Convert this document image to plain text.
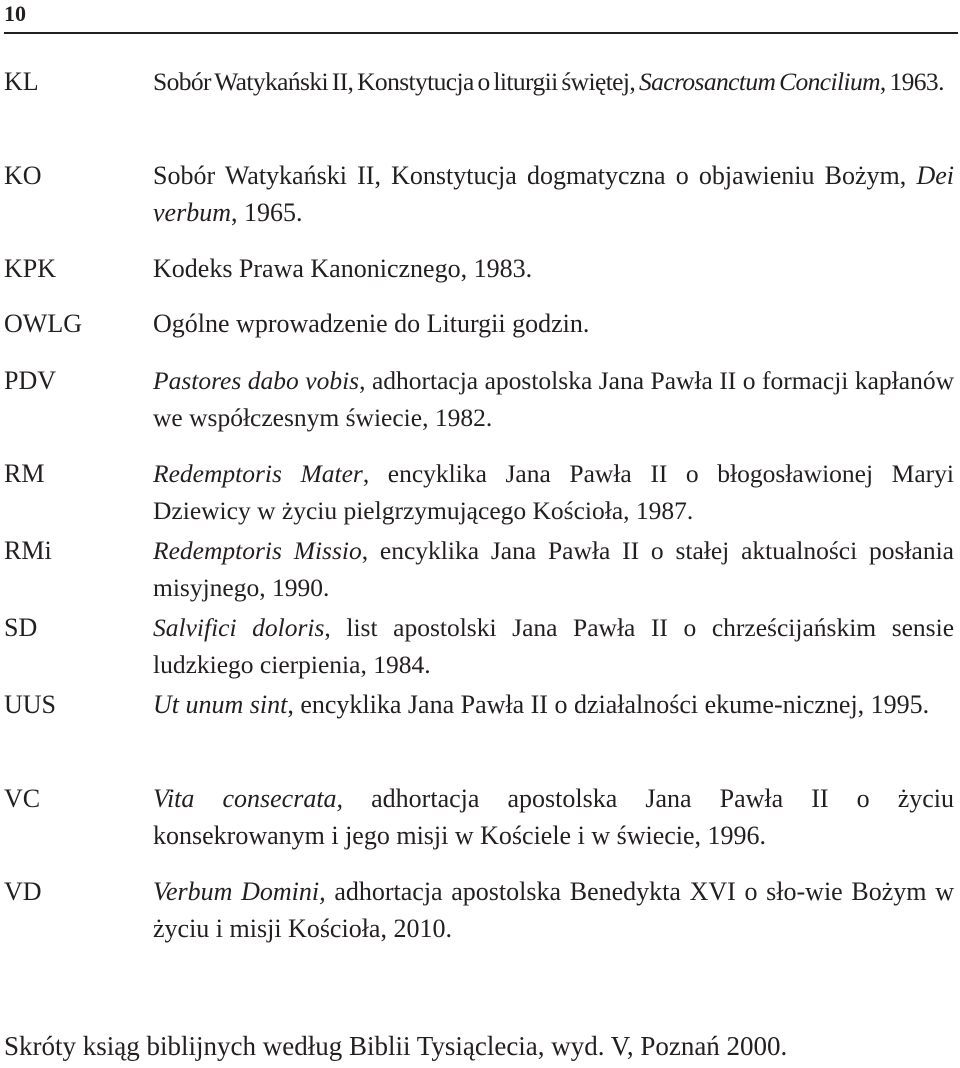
10
KL	Sobór Watykański II, Konstytucja o liturgii świętej, Sacrosanctum Concilium, 1963.
KO	Sobór Watykański II, Konstytucja dogmatyczna o objawieniu Bożym, Dei verbum, 1965.
KPK	Kodeks Prawa Kanonicznego, 1983.
OWLG	Ogólne wprowadzenie do Liturgii godzin.
PDV	Pastores dabo vobis, adhortacja apostolska Jana Pawła II o formacji kapłanów we współczesnym świecie, 1982.
RM	Redemptoris Mater, encyklika Jana Pawła II o błogosławionej Maryi Dziewicy w życiu pielgrzymującego Kościoła, 1987.
RMi	Redemptoris Missio, encyklika Jana Pawła II o stałej aktualności posłania misyjnego, 1990.
SD	Salvifici doloris, list apostolski Jana Pawła II o chrześcijańskim sensie ludzkiego cierpienia, 1984.
UUS	Ut unum sint, encyklika Jana Pawła II o działalności ekume-nicznej, 1995.
VC	Vita consecrata, adhortacja apostolska Jana Pawła II o życiu konsekrowanym i jego misji w Kościele i w świecie, 1996.
VD	Verbum Domini, adhortacja apostolska Benedykta XVI o sło-wie Bożym w życiu i misji Kościoła, 2010.
Skróty ksiąg biblijnych według Biblii Tysiąclecia, wyd. V, Poznań 2000.
